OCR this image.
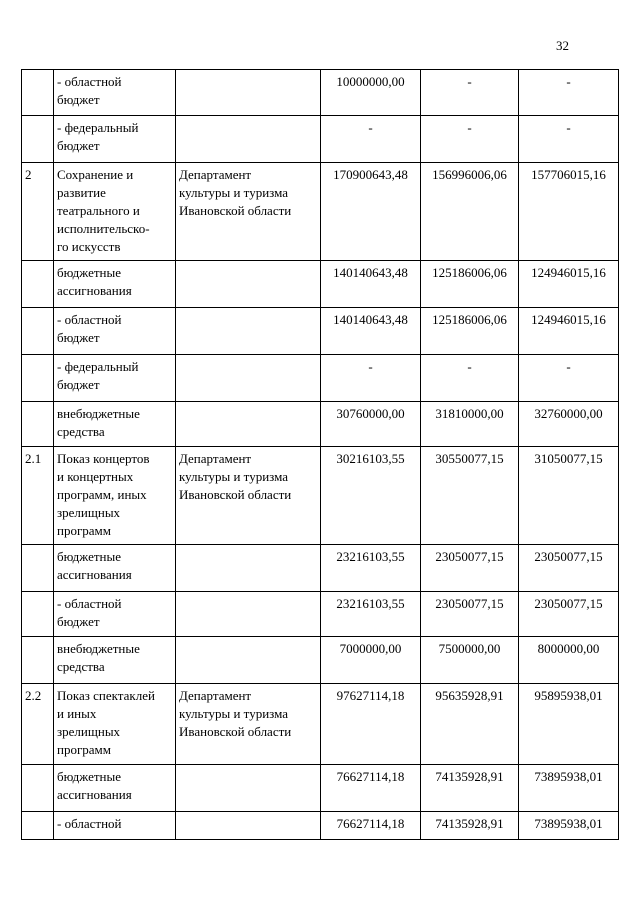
32
	- областной
бюджет		10000000,00	-	-
	- федеральный
бюджет		-	-	-
2	Сохранение и
развитие
театрального и
исполнительско-
го искусств	Департамент
культуры и туризма
Ивановской области	170900643,48	156996006,06	157706015,16
	бюджетные
ассигнования		140140643,48	125186006,06	124946015,16
	- областной
бюджет		140140643,48	125186006,06	124946015,16
	- федеральный
бюджет		-	-	-
	внебюджетные
средства		30760000,00	31810000,00	32760000,00
2.1	Показ концертов
и концертных
программ, иных
зрелищных
программ	Департамент
культуры и туризма
Ивановской области	30216103,55	30550077,15	31050077,15
	бюджетные
ассигнования		23216103,55	23050077,15	23050077,15
	- областной
бюджет		23216103,55	23050077,15	23050077,15
	внебюджетные
средства		7000000,00	7500000,00	8000000,00
2.2	Показ спектаклей
и иных
зрелищных
программ	Департамент
культуры и туризма
Ивановской области	97627114,18	95635928,91	95895938,01
	бюджетные
ассигнования		76627114,18	74135928,91	73895938,01
	- областной		76627114,18	74135928,91	73895938,01
